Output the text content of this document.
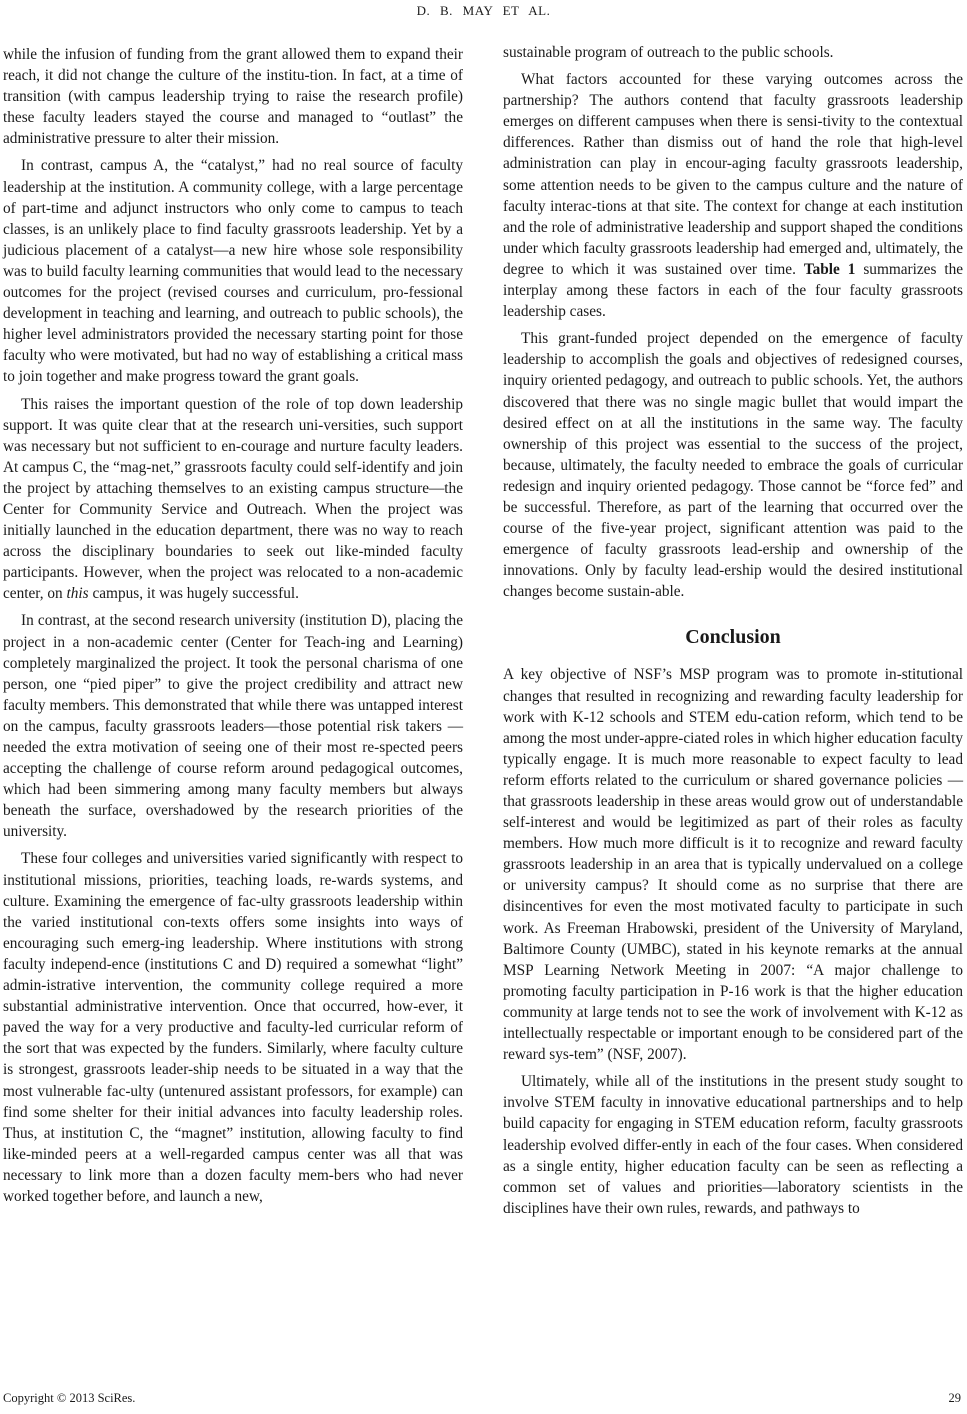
D. B. MAY ET AL.

while the infusion of funding from the grant allowed them to expand their reach, it did not change the culture of the institu-tion. In fact, at a time of transition (with campus leadership trying to raise the research profile) these faculty leaders stayed the course and managed to “outlast” the administrative pressure to alter their mission.

In contrast, campus A, the “catalyst,” had no real source of faculty leadership at the institution. A community college, with a large percentage of part-time and adjunct instructors who only come to campus to teach classes, is an unlikely place to find faculty grassroots leadership. Yet by a judicious placement of a catalyst—a new hire whose sole responsibility was to build faculty learning communities that would lead to the necessary outcomes for the project (revised courses and curriculum, pro-fessional development in teaching and learning, and outreach to public schools), the higher level administrators provided the necessary starting point for those faculty who were motivated, but had no way of establishing a critical mass to join together and make progress toward the grant goals.

This raises the important question of the role of top down leadership support. It was quite clear that at the research uni-versities, such support was necessary but not sufficient to en-courage and nurture faculty leaders. At campus C, the “mag-net,” grassroots faculty could self-identify and join the project by attaching themselves to an existing campus structure—the Center for Community Service and Outreach. When the project was initially launched in the education department, there was no way to reach across the disciplinary boundaries to seek out like-minded faculty participants. However, when the project was relocated to a non-academic center, on this campus, it was hugely successful.

In contrast, at the second research university (institution D), placing the project in a non-academic center (Center for Teach-ing and Learning) completely marginalized the project. It took the personal charisma of one person, one “pied piper” to give the project credibility and attract new faculty members. This demonstrated that while there was untapped interest on the campus, faculty grassroots leaders—those potential risk takers —needed the extra motivation of seeing one of their most re-spected peers accepting the challenge of course reform around pedagogical outcomes, which had been simmering among many faculty members but always beneath the surface, overshadowed by the research priorities of the university.

These four colleges and universities varied significantly with respect to institutional missions, priorities, teaching loads, re-wards systems, and culture. Examining the emergence of fac-ulty grassroots leadership within the varied institutional con-texts offers some insights into ways of encouraging such emerg-ing leadership. Where institutions with strong faculty independ-ence (institutions C and D) required a somewhat “light” admin-istrative intervention, the community college required a more substantial administrative intervention. Once that occurred, how-ever, it paved the way for a very productive and faculty-led curricular reform of the sort that was expected by the funders. Similarly, where faculty culture is strongest, grassroots leader-ship needs to be situated in a way that the most vulnerable fac-ulty (untenured assistant professors, for example) can find some shelter for their initial advances into faculty leadership roles. Thus, at institution C, the “magnet” institution, allowing faculty to find like-minded peers at a well-regarded campus center was all that was necessary to link more than a dozen faculty mem-bers who had never worked together before, and launch a new,

sustainable program of outreach to the public schools.

What factors accounted for these varying outcomes across the partnership? The authors contend that faculty grassroots leadership emerges on different campuses when there is sensi-tivity to the contextual differences. Rather than dismiss out of hand the role that high-level administration can play in encour-aging faculty grassroots leadership, some attention needs to be given to the campus culture and the nature of faculty interac-tions at that site. The context for change at each institution and the role of administrative leadership and support shaped the conditions under which faculty grassroots leadership had emerged and, ultimately, the degree to which it was sustained over time. Table 1 summarizes the interplay among these factors in each of the four faculty grassroots leadership cases.

This grant-funded project depended on the emergence of faculty leadership to accomplish the goals and objectives of redesigned courses, inquiry oriented pedagogy, and outreach to public schools. Yet, the authors discovered that there was no single magic bullet that would impart the desired effect on at all the institutions in the same way. The faculty ownership of this project was essential to the success of the project, because, ultimately, the faculty needed to embrace the goals of curricular redesign and inquiry oriented pedagogy. Those cannot be “force fed” and be successful. Therefore, as part of the learning that occurred over the course of the five-year project, significant attention was paid to the emergence of faculty grassroots lead-ership and ownership of the innovations. Only by faculty lead-ership would the desired institutional changes become sustain-able.

Conclusion

A key objective of NSF’s MSP program was to promote in-stitutional changes that resulted in recognizing and rewarding faculty leadership for work with K-12 schools and STEM edu-cation reform, which tend to be among the most under-appre-ciated roles in which higher education faculty typically engage. It is much more reasonable to expect faculty to lead reform efforts related to the curriculum or shared governance policies —that grassroots leadership in these areas would grow out of understandable self-interest and would be legitimized as part of their roles as faculty members. How much more difficult is it to recognize and reward faculty grassroots leadership in an area that is typically undervalued on a college or university campus? It should come as no surprise that there are disincentives for even the most motivated faculty to participate in such work. As Freeman Hrabowski, president of the University of Maryland, Baltimore County (UMBC), stated in his keynote remarks at the annual MSP Learning Network Meeting in 2007: “A major challenge to promoting faculty participation in P-16 work is that the higher education community at large tends not to see the work of involvement with K-12 as intellectually respectable or important enough to be considered part of the reward sys-tem” (NSF, 2007).

Ultimately, while all of the institutions in the present study sought to involve STEM faculty in innovative educational partnerships and to help build capacity for engaging in STEM education reform, faculty grassroots leadership evolved differ-ently in each of the four cases. When considered as a single entity, higher education faculty can be seen as reflecting a common set of values and priorities—laboratory scientists in the disciplines have their own rules, rewards, and pathways to

Copyright © 2013 SciRes.	29
